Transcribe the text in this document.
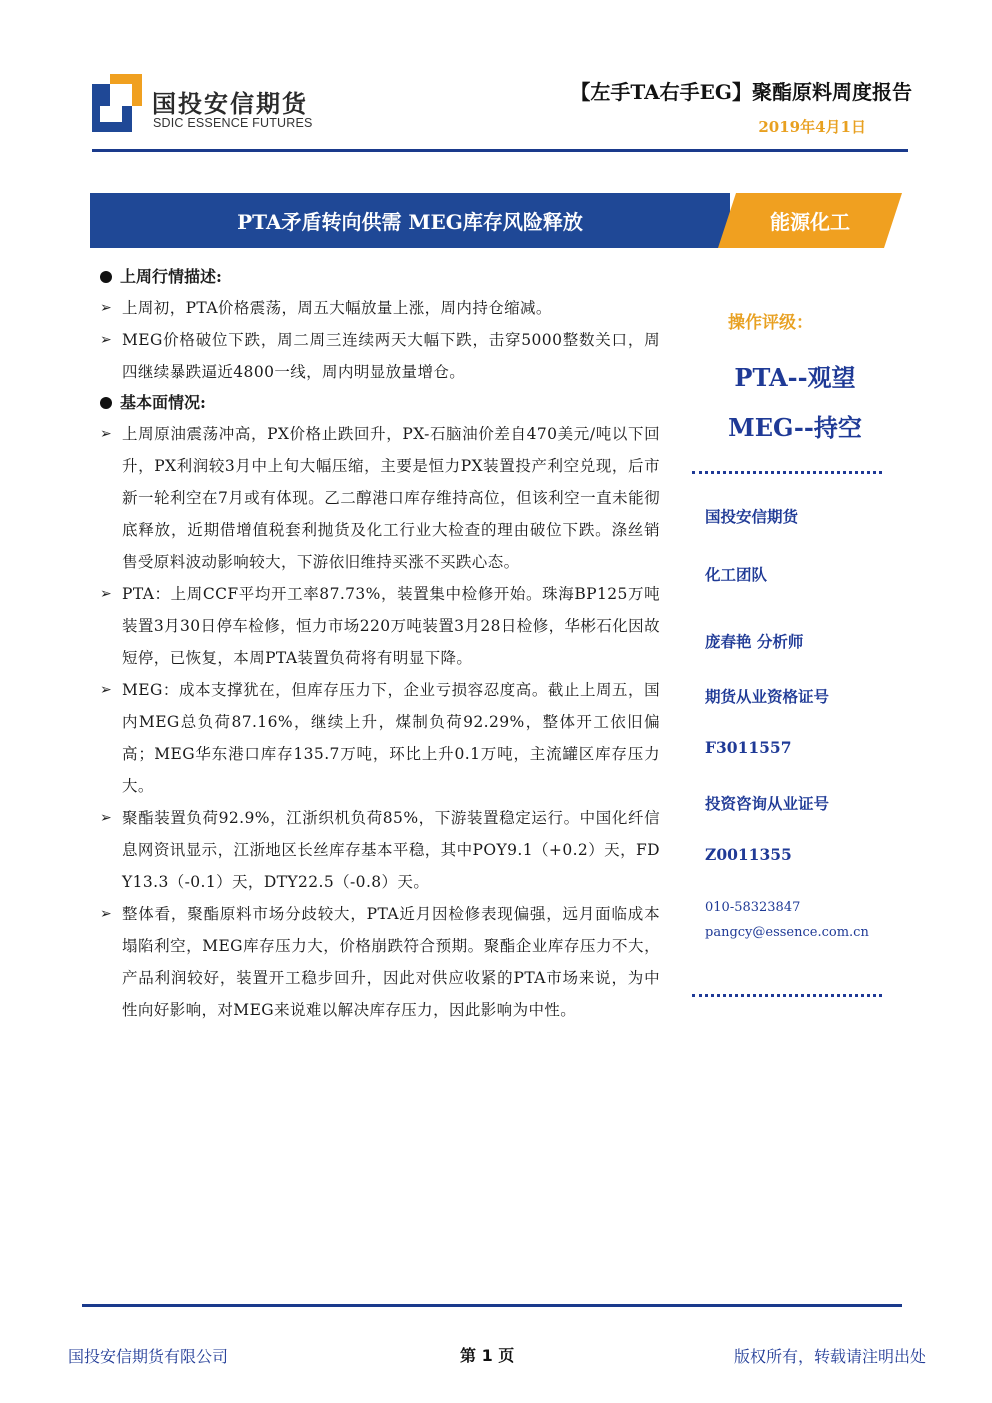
国投安信期货
SDIC ESSENCE FUTURES
【左手TA右手EG】聚酯原料周度报告
2019年4月1日
PTA矛盾转向供需 MEG库存风险释放	能源化工
上周行情描述:
➢ 上周初，PTA价格震荡，周五大幅放量上涨，周内持仓缩减。
➢ MEG价格破位下跌，周二周三连续两天大幅下跌，击穿5000整数关口，周四继续暴跌逼近4800一线，周内明显放量增仓。
基本面情况:
➢ 上周原油震荡冲高，PX价格止跌回升，PX-石脑油价差自470美元/吨以下回升，PX利润较3月中上旬大幅压缩，主要是恒力PX装置投产利空兑现，后市新一轮利空在7月或有体现。乙二醇港口库存维持高位，但该利空一直未能彻底释放，近期借增值税套利抛货及化工行业大检查的理由破位下跌。涤丝销售受原料波动影响较大，下游依旧维持买涨不买跌心态。
➢ PTA：上周CCF平均开工率87.73%，装置集中检修开始。珠海BP125万吨装置3月30日停车检修，恒力市场220万吨装置3月28日检修，华彬石化因故短停，已恢复，本周PTA装置负荷将有明显下降。
➢ MEG：成本支撑犹在，但库存压力下，企业亏损容忍度高。截止上周五，国内MEG总负荷87.16%，继续上升，煤制负荷92.29%，整体开工依旧偏高；MEG华东港口库存135.7万吨，环比上升0.1万吨，主流罐区库存压力大。
➢ 聚酯装置负荷92.9%，江浙织机负荷85%，下游装置稳定运行。中国化纤信息网资讯显示，江浙地区长丝库存基本平稳，其中POY9.1（+0.2）天，FDY13.3（-0.1）天，DTY22.5（-0.8）天。
➢ 整体看，聚酯原料市场分歧较大，PTA近月因检修表现偏强，远月面临成本塌陷利空，MEG库存压力大，价格崩跌符合预期。聚酯企业库存压力不大，产品利润较好，装置开工稳步回升，因此对供应收紧的PTA市场来说，为中性向好影响，对MEG来说难以解决库存压力，因此影响为中性。
操作评级：
PTA--观望
MEG--持空
国投安信期货
化工团队
庞春艳 分析师
期货从业资格证号
F3011557
投资咨询从业证号
Z0011355
010-58323847
pangcy@essence.com.cn
国投安信期货有限公司	第 1 页	版权所有，转载请注明出处
